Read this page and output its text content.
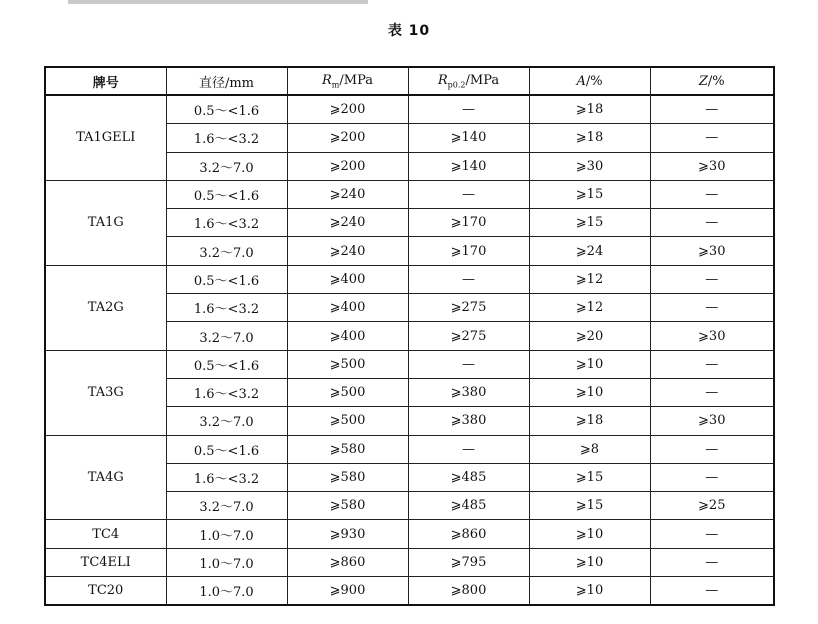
表 10
牌号	直径/mm	$R_m$/MPa	$R_{p0.2}$/MPa	A/%	Z/%
TA1GELI	0.5～<1.6	⩾200	—	⩾18	—
	1.6～<3.2	⩾200	⩾140	⩾18	—
	3.2～7.0	⩾200	⩾140	⩾30	⩾30
TA1G	0.5～<1.6	⩾240	—	⩾15	—
	1.6～<3.2	⩾240	⩾170	⩾15	—
	3.2～7.0	⩾240	⩾170	⩾24	⩾30
TA2G	0.5～<1.6	⩾400	—	⩾12	—
	1.6～<3.2	⩾400	⩾275	⩾12	—
	3.2～7.0	⩾400	⩾275	⩾20	⩾30
TA3G	0.5～<1.6	⩾500	—	⩾10	—
	1.6～<3.2	⩾500	⩾380	⩾10	—
	3.2～7.0	⩾500	⩾380	⩾18	⩾30
TA4G	0.5～<1.6	⩾580	—	⩾8	—
	1.6～<3.2	⩾580	⩾485	⩾15	—
	3.2～7.0	⩾580	⩾485	⩾15	⩾25
TC4	1.0～7.0	⩾930	⩾860	⩾10	—
TC4ELI	1.0～7.0	⩾860	⩾795	⩾10	—
TC20	1.0～7.0	⩾900	⩾800	⩾10	—
